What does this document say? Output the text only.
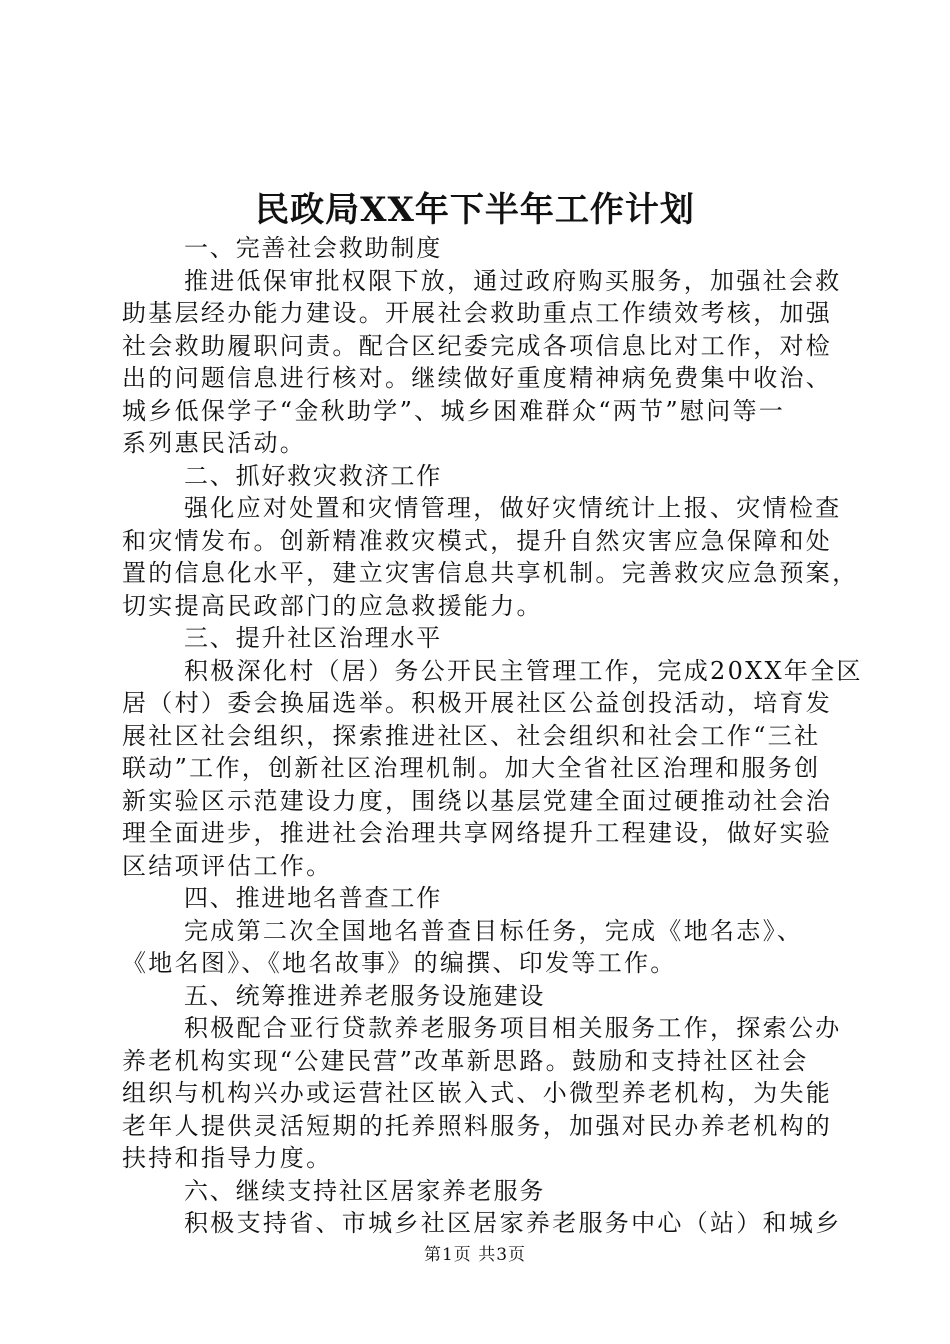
民政局XX年下半年工作计划
一、完善社会救助制度
推进低保审批权限下放，通过政府购买服务，加强社会救
助基层经办能力建设。开展社会救助重点工作绩效考核，加强
社会救助履职问责。配合区纪委完成各项信息比对工作，对检
出的问题信息进行核对。继续做好重度精神病免费集中收治、
城乡低保学子“金秋助学”、城乡困难群众“两节”慰问等一
系列惠民活动。
二、抓好救灾救济工作
强化应对处置和灾情管理，做好灾情统计上报、灾情检查
和灾情发布。创新精准救灾模式，提升自然灾害应急保障和处
置的信息化水平，建立灾害信息共享机制。完善救灾应急预案，
切实提高民政部门的应急救援能力。
三、提升社区治理水平
积极深化村（居）务公开民主管理工作，完成20XX年全区
居（村）委会换届选举。积极开展社区公益创投活动，培育发
展社区社会组织，探索推进社区、社会组织和社会工作“三社
联动”工作，创新社区治理机制。加大全省社区治理和服务创
新实验区示范建设力度，围绕以基层党建全面过硬推动社会治
理全面进步，推进社会治理共享网络提升工程建设，做好实验
区结项评估工作。
四、推进地名普查工作
完成第二次全国地名普查目标任务，完成《地名志》、
《地名图》、《地名故事》的编撰、印发等工作。
五、统筹推进养老服务设施建设
积极配合亚行贷款养老服务项目相关服务工作，探索公办
养老机构实现“公建民营”改革新思路。鼓励和支持社区社会
组织与机构兴办或运营社区嵌入式、小微型养老机构，为失能
老年人提供灵活短期的托养照料服务，加强对民办养老机构的
扶持和指导力度。
六、继续支持社区居家养老服务
积极支持省、市城乡社区居家养老服务中心（站）和城乡
第1页 共3页
